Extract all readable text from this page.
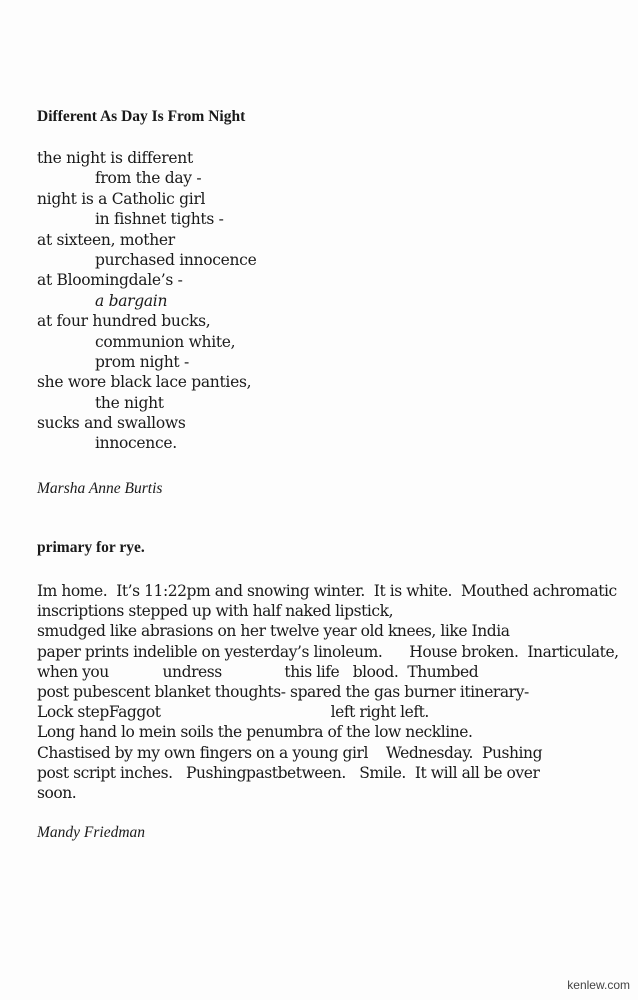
Different As Day Is From Night
the night is different
from the day -
night is a Catholic girl
in fishnet tights -
at sixteen, mother
purchased innocence
at Bloomingdale’s -
a bargain
at four hundred bucks,
communion white,
prom night -
she wore black lace panties,
the night
sucks and swallows
innocence.
Marsha Anne Burtis
primary for rye.
Im home.  It’s 11:22pm and snowing winter.  It is white.  Mouthed achromatic
inscriptions stepped up with half naked lipstick,
smudged like abrasions on her twelve year old knees, like India
paper prints indelible on yesterday’s linoleum.      House broken.  Inarticulate,
when you            undress              this life   blood.  Thumbed
post pubescent blanket thoughts- spared the gas burner itinerary-
Lock stepFaggot                                      left right left.
Long hand lo mein soils the penumbra of the low neckline.
Chastised by my own fingers on a young girl    Wednesday.  Pushing
post script inches.   Pushingpastbetween.   Smile.  It will all be over
soon.
Mandy Friedman
kenlew.com
